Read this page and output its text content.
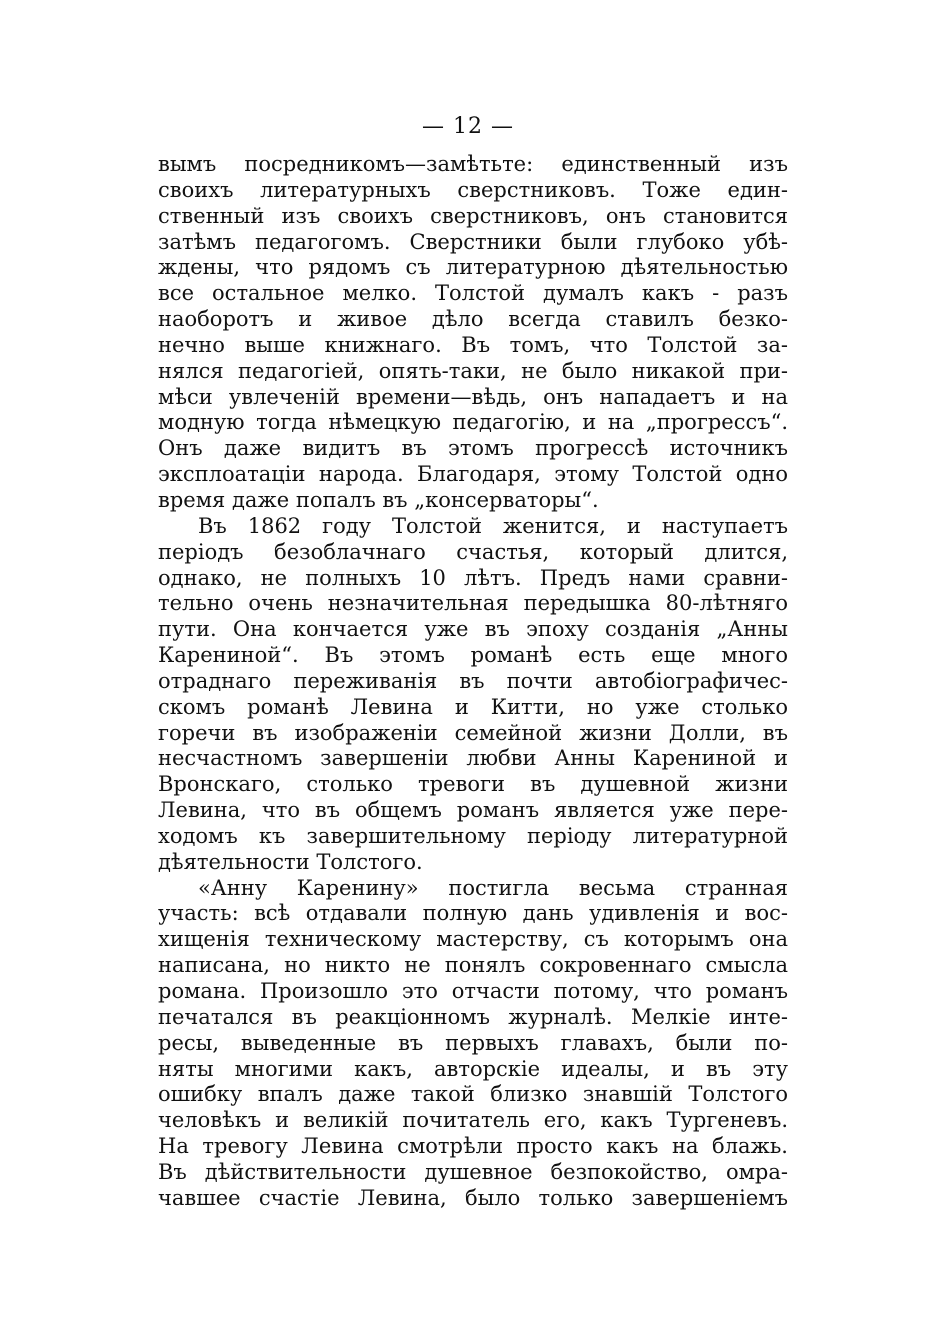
— 12 —
вымъ посредникомъ—замѣтьте: единственный изъ
своихъ литературныхъ сверстниковъ. Тоже един-
ственный изъ своихъ сверстниковъ, онъ становится
затѣмъ педагогомъ. Сверстники были глубоко убѣ-
ждены, что рядомъ съ литературною дѣятельностью
все остальное мелко. Толстой думалъ какъ - разъ
наоборотъ и живое дѣло всегда ставилъ безко-
нечно выше книжнаго. Въ томъ, что Толстой за-
нялся педагогіей, опять-таки, не было никакой при-
мѣси увлеченій времени—вѣдь, онъ нападаетъ и на
модную тогда нѣмецкую педагогію, и на „прогрессъ“.
Онъ даже видитъ въ этомъ прогрессѣ источникъ
эксплоатаціи народа. Благодаря, этому Толстой одно
время даже попалъ въ „консерваторы“.
Въ 1862 году Толстой женится, и наступаетъ
періодъ безоблачнаго счастья, который длится,
однако, не полныхъ 10 лѣтъ. Предъ нами сравни-
тельно очень незначительная передышка 80-лѣтняго
пути. Она кончается уже въ эпоху созданія „Анны
Карениной“. Въ этомъ романѣ есть еще много
отраднаго переживанія въ почти автобіографичес-
скомъ романѣ Левина и Китти, но уже столько
горечи въ изображеніи семейной жизни Долли, въ
несчастномъ завершеніи любви Анны Карениной и
Вронскаго, столько тревоги въ душевной жизни
Левина, что въ общемъ романъ является уже пере-
ходомъ къ завершительному періоду литературной
дѣятельности Толстого.
«Анну Каренину» постигла весьма странная
участь: всѣ отдавали полную дань удивленія и вос-
хищенія техническому мастерству, съ которымъ она
написана, но никто не понялъ сокровеннаго смысла
романа. Произошло это отчасти потому, что романъ
печатался въ реакціонномъ журналѣ. Мелкіе инте-
ресы, выведенные въ первыхъ главахъ, были по-
няты многими какъ, авторскіе идеалы, и въ эту
ошибку впалъ даже такой близко знавшій Толстого
человѣкъ и великій почитатель его, какъ Тургеневъ.
На тревогу Левина смотрѣли просто какъ на блажь.
Въ дѣйствительности душевное безпокойство, омра-
чавшее счастіе Левина, было только завершеніемъ
